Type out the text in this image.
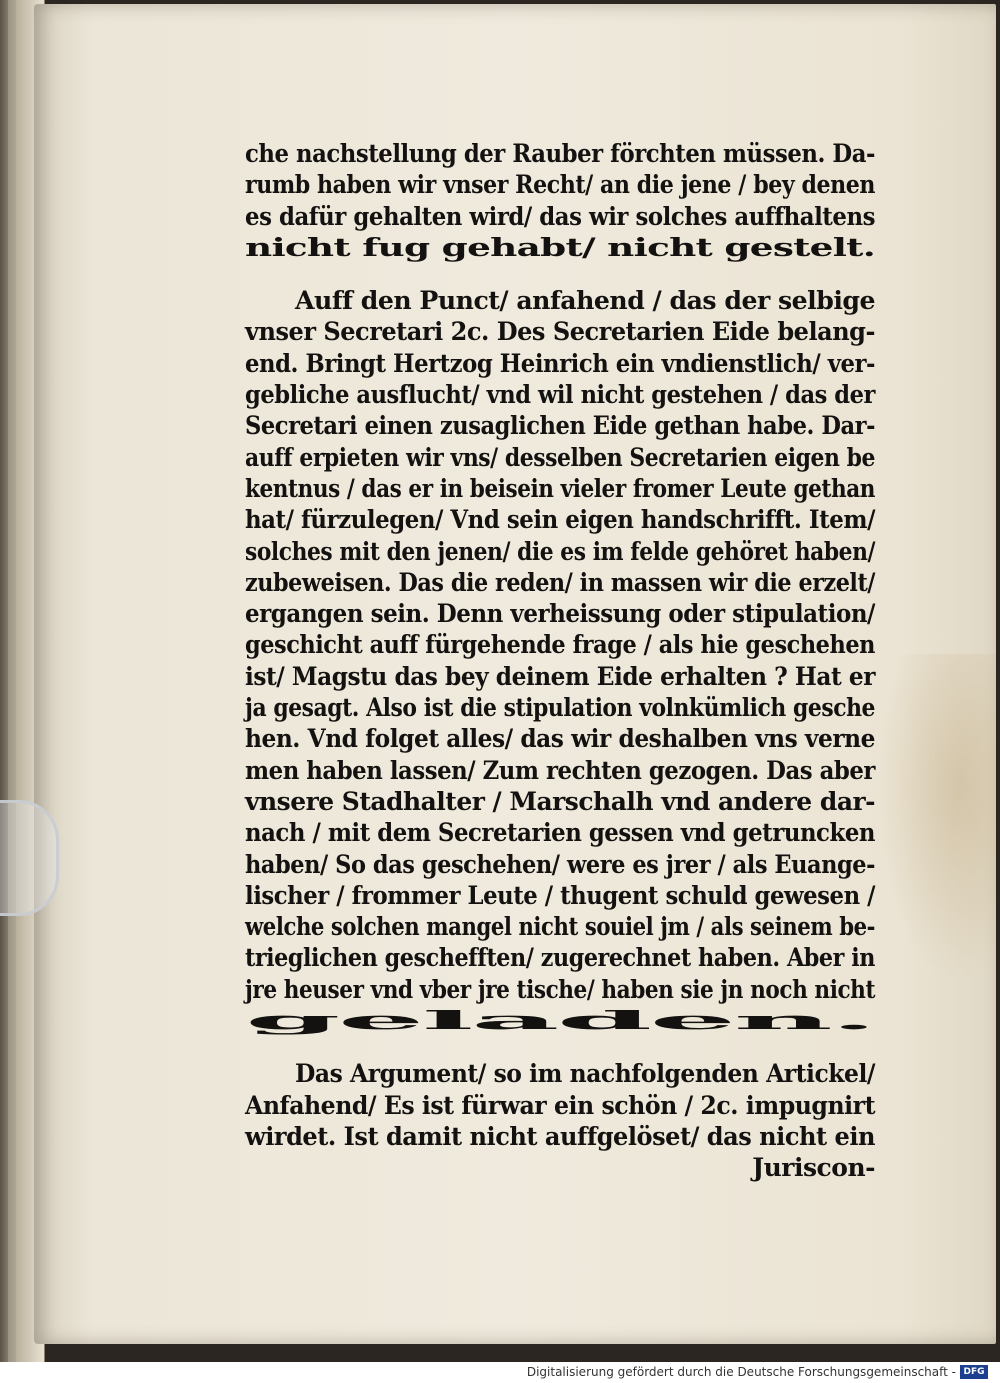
che nachstellung der Rauber förchten müssen. Da-
rumb haben wir vnser Recht/ an die jene / bey denen
es dafür gehalten wird/ das wir solches auffhaltens
nicht fug gehabt/ nicht gestelt.
Auff den Punct/ anfahend / das der selbige
vnser Secretari 2c. Des Secretarien Eide belang-
end. Bringt Hertzog Heinrich ein vndienstlich/ ver-
gebliche ausflucht/ vnd wil nicht gestehen / das der
Secretari einen zusaglichen Eide gethan habe. Dar-
auff erpieten wir vns/ desselben Secretarien eigen be
kentnus / das er in beisein vieler fromer Leute gethan
hat/ fürzulegen/ Vnd sein eigen handschrifft. Item/
solches mit den jenen/ die es im felde gehöret haben/
zubeweisen. Das die reden/ in massen wir die erzelt/
ergangen sein. Denn verheissung oder stipulation/
geschicht auff fürgehende frage / als hie geschehen
ist/ Magstu das bey deinem Eide erhalten ? Hat er
ja gesagt. Also ist die stipulation volnkümlich gesche
hen. Vnd folget alles/ das wir deshalben vns verne
men haben lassen/ Zum rechten gezogen. Das aber
vnsere Stadhalter / Marschalh vnd andere dar-
nach / mit dem Secretarien gessen vnd getruncken
haben/ So das geschehen/ were es jrer / als Euange-
lischer / frommer Leute / thugent schuld gewesen /
welche solchen mangel nicht souiel jm / als seinem be-
trieglichen geschefften/ zugerechnet haben. Aber in
jre heuser vnd vber jre tische/ haben sie jn noch nicht
geladen.
Das Argument/ so im nachfolgenden Artickel/
Anfahend/ Es ist fürwar ein schön / 2c. impugnirt
wirdet. Ist damit nicht auffgelöset/ das nicht ein
Juriscon-
Digitalisierung gefördert durch die Deutsche Forschungsgemeinschaft - DFG
